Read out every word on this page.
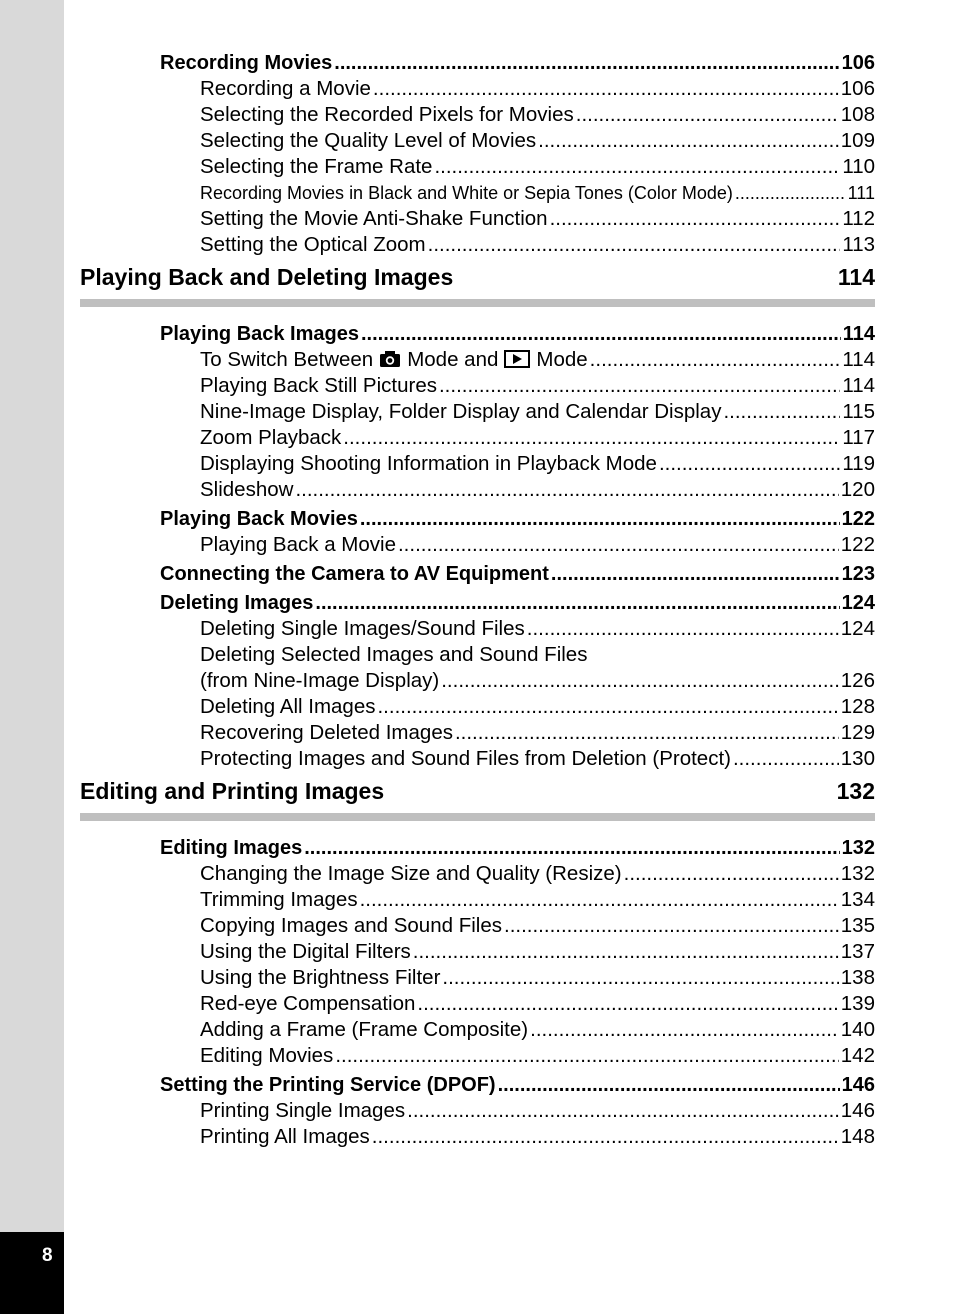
8
Recording Movies .....	106
Recording a Movie .....	106
Selecting the Recorded Pixels for Movies .....	108
Selecting the Quality Level of Movies .....	109
Selecting the Frame Rate .....	110
Recording Movies in Black and White or Sepia Tones (Color Mode) .....	111
Setting the Movie Anti-Shake Function .....	112
Setting the Optical Zoom .....	113
Playing Back and Deleting Images	114
Playing Back Images .....	114
To Switch Between Mode and Mode .....	114
Playing Back Still Pictures .....	114
Nine-Image Display, Folder Display and Calendar Display .....	115
Zoom Playback .....	117
Displaying Shooting Information in Playback Mode .....	119
Slideshow .....	120
Playing Back Movies .....	122
Playing Back a Movie .....	122
Connecting the Camera to AV Equipment .....	123
Deleting Images .....	124
Deleting Single Images/Sound Files .....	124
Deleting Selected Images and Sound Files
(from Nine-Image Display) .....	126
Deleting All Images .....	128
Recovering Deleted Images .....	129
Protecting Images and Sound Files from Deletion (Protect) .....	130
Editing and Printing Images	132
Editing Images .....	132
Changing the Image Size and Quality (Resize) .....	132
Trimming Images .....	134
Copying Images and Sound Files .....	135
Using the Digital Filters .....	137
Using the Brightness Filter .....	138
Red-eye Compensation .....	139
Adding a Frame (Frame Composite) .....	140
Editing Movies .....	142
Setting the Printing Service (DPOF) .....	146
Printing Single Images .....	146
Printing All Images .....	148
